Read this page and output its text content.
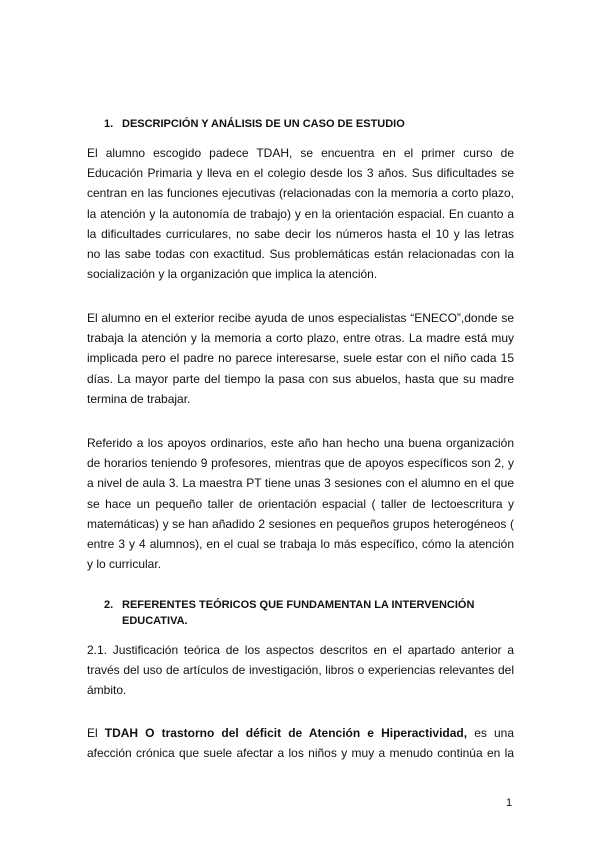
1. DESCRIPCIÓN Y ANÁLISIS DE UN CASO DE ESTUDIO
El alumno escogido padece TDAH, se encuentra en el primer curso de
Educación Primaria y lleva en el colegio desde los 3 años. Sus dificultades se
centran en las funciones ejecutivas (relacionadas con la memoria a corto plazo,
la atención y la autonomía de trabajo) y en la orientación espacial. En cuanto a
la dificultades curriculares, no sabe decir los números hasta el 10 y las letras
no las sabe todas con exactitud. Sus problemáticas están relacionadas con la
socialización y la organización que implica la atención.
El alumno en el exterior recibe ayuda de unos especialistas “ENECO”,donde se
trabaja la atención y la memoria a corto plazo, entre otras. La madre está muy
implicada pero el padre no parece interesarse, suele estar con el niño cada 15
días. La mayor parte del tiempo la pasa con sus abuelos, hasta que su madre
termina de trabajar.
Referido a los apoyos ordinarios, este año han hecho una buena organización
de horarios teniendo 9 profesores, mientras que de apoyos específicos son 2, y
a nivel de aula 3. La maestra PT tiene unas 3 sesiones con el alumno en el que
se hace un pequeño taller de orientación espacial ( taller de lectoescritura y
matemáticas) y se han añadido 2 sesiones en pequeños grupos heterogéneos (
entre 3 y 4 alumnos), en el cual se trabaja lo más específico, cómo la atención
y lo curricular.
2. REFERENTES TEÓRICOS QUE FUNDAMENTAN LA INTERVENCIÓN EDUCATIVA.
2.1. Justificación teórica de los aspectos descritos en el apartado anterior a
través del uso de artículos de investigación, libros o experiencias relevantes del
ámbito.
El TDAH O trastorno del déficit de Atención e Hiperactividad, es una
afección crónica que suele afectar a los niños y muy a menudo continúa en la
1
